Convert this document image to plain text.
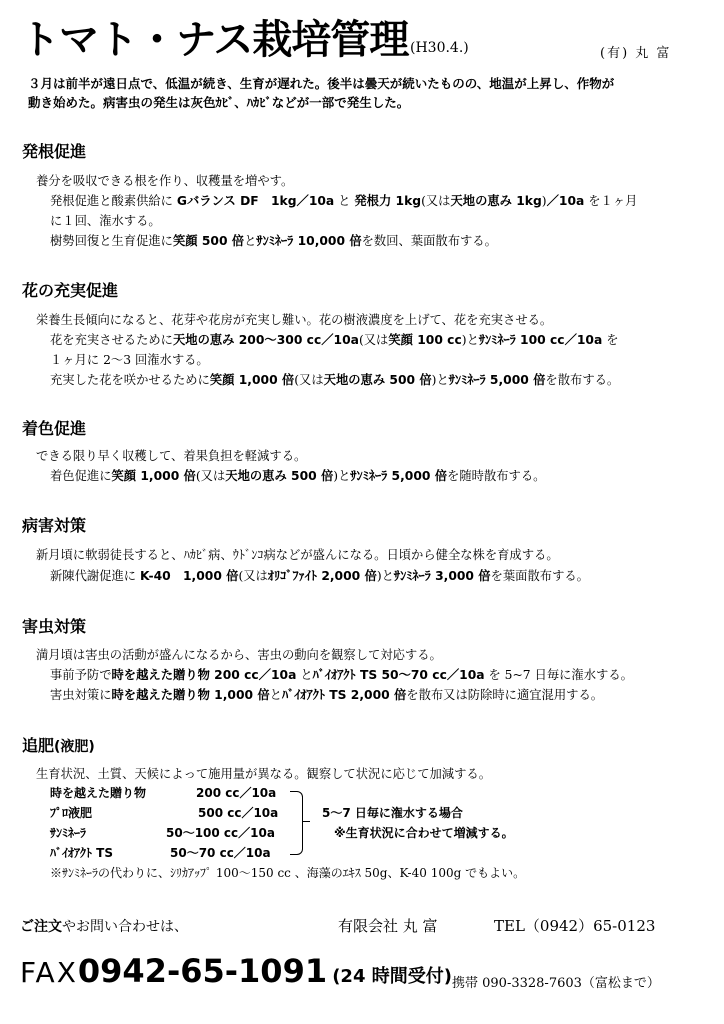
トマト・ナス栽培管理 (H30.4.)	(有) 丸 富
３月は前半が遠日点で、低温が続き、生育が遅れた。後半は曇天が続いたものの、地温が上昇し、作物が
動き始めた。病害虫の発生は灰色ｶﾋﾞ、ﾊｶﾋﾞなどが一部で発生した。
発根促進
養分を吸収できる根を作り、収穫量を増やす。
発根促進と酸素供給に Gバランス DF　1kg／10a と 発根力 1kg(又は天地の恵み 1kg)／10a を１ヶ月
に１回、潅水する。
樹勢回復と生育促進に笑顔 500 倍とｻﾝﾐﾈｰﾗ 10,000 倍を数回、葉面散布する。
花の充実促進
栄養生長傾向になると、花芽や花房が充実し難い。花の樹液濃度を上げて、花を充実させる。
花を充実させるために天地の恵み 200～300 cc／10a(又は笑顔 100 cc)とｻﾝﾐﾈｰﾗ 100 cc／10a を
１ヶ月に 2～3 回潅水する。
充実した花を咲かせるために笑顔 1,000 倍(又は天地の恵み 500 倍)とｻﾝﾐﾈｰﾗ 5,000 倍を散布する。
着色促進
できる限り早く収穫して、着果負担を軽減する。
着色促進に笑顔 1,000 倍(又は天地の恵み 500 倍)とｻﾝﾐﾈｰﾗ 5,000 倍を随時散布する。
病害対策
新月頃に軟弱徒長すると、ﾊｶﾋﾞ病、ｳﾄﾞﾝｺ病などが盛んになる。日頃から健全な株を育成する。
新陳代謝促進に K-40　1,000 倍(又はｵﾘｺﾞﾌｧｲﾄ 2,000 倍)とｻﾝﾐﾈｰﾗ 3,000 倍を葉面散布する。
害虫対策
満月頃は害虫の活動が盛んになるから、害虫の動向を観察して対応する。
事前予防で時を越えた贈り物 200 cc／10a とﾊﾞｲｵｱｸﾄ TS 50～70 cc／10a を 5~7 日毎に潅水する。
害虫対策に時を越えた贈り物 1,000 倍とﾊﾞｲｵｱｸﾄ TS 2,000 倍を散布又は防除時に適宜混用する。
追肥(液肥)
生育状況、土質、天候によって施用量が異なる。観察して状況に応じて加減する。
時を越えた贈り物	200 cc／10a
ﾌﾟﾛ液肥	500 cc／10a
ｻﾝﾐﾈｰﾗ	50～100 cc／10a
ﾊﾞｲｵｱｸﾄ TS	50～70 cc／10a
5～7 日毎に潅水する場合
※生育状況に合わせて増減する。
※ｻﾝﾐﾈｰﾗの代わりに、ｼﾘｶｱｯﾌﾟ 100～150 cc 、海藻のｴｷｽ 50g、K-40 100g でもよい。
ご注文やお問い合わせは、	有限会社 丸 富	TEL（0942）65-0123
FAX0942-65-1091 (24 時間受付) 携帯 090-3328-7603（富松まで）
